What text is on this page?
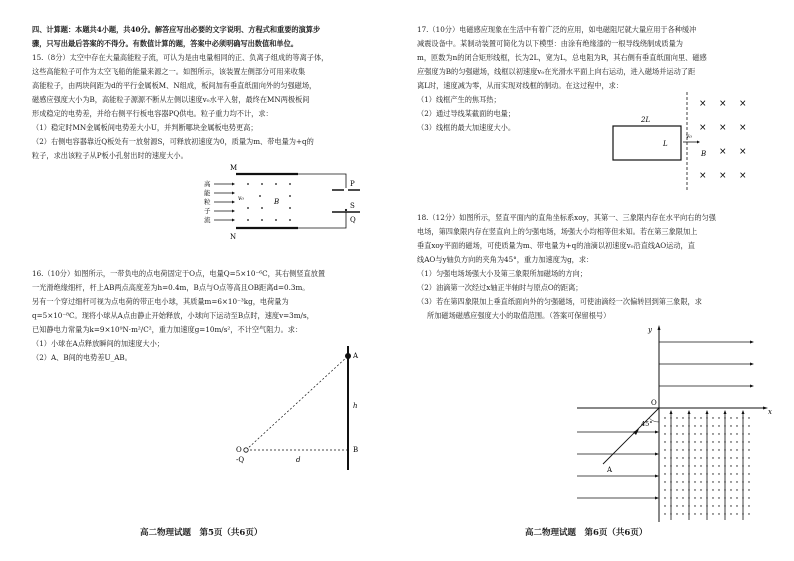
四、计算题：本题共4小题，共40分。解答应写出必要的文字说明、方程式和重要的演算步
骤，只写出最后答案的不得分。有数值计算的题，答案中必须明确写出数值和单位。
15.（8分）太空中存在大量高能粒子流，可认为是由电量相同的正、负离子组成的等离子体，
这些高能粒子可作为太空飞船的能量来源之一。如图所示，该装置左侧部分可用来收集
高能粒子，由两块间距为d的平行金属板M、N组成，板间加有垂直纸面向外的匀强磁场，
磁感应强度大小为B，高能粒子源源不断从左侧以速度v₀水平入射，最终在MN两极板间
形成稳定的电势差，并给右侧平行板电容器PQ供电。粒子重力均不计，求：
（1）稳定时MN金属板间电势差大小U，并判断哪块金属板电势更高；
（2）右侧电容器靠近Q板处有一放射源S，可释放初速度为0，质量为m、带电量为+q的
粒子，求出该粒子从P板小孔射出时的速度大小。
M
N
高
能
粒
子
流
v₀	B
P
S
Q
16.（10分）如图所示，一带负电的点电荷固定于O点，电量Q=5×10⁻⁶C，其右侧竖直放置
一光滑绝缘细杆，杆上AB两点高度差为h=0.4m，B点与O点等高且OB距离d=0.3m。
另有一个穿过细杆可视为点电荷的带正电小球，其质量m=6×10⁻³kg，电荷量为
q=5×10⁻⁸C。现将小球从A点由静止开始释放，小球向下运动至B点时，速度v=3m/s，
已知静电力常量为k=9×10⁹N·m²/C²，重力加速度g=10m/s²，不计空气阻力。求：
（1）小球在A点释放瞬间的加速度大小；
（2）A、B间的电势差U_AB。	A
B
O
-Q
h
d
高二物理试题　第5页（共6页）
17.（10分）电磁感应现象在生活中有着广泛的应用，如电磁阻尼就大量应用于各种缓冲
减震设备中。某制动装置可简化为以下模型：由涂有绝缘漆的一根导线绕制成质量为
m，匝数为n的闭合矩形线框，长为2L，宽为L，总电阻为R，其右侧有垂直纸面向里、磁感
应强度为B的匀强磁场，线框以初速度v₀在光滑水平面上向右运动，进入磁场并运动了距
离L时，速度减为零，从而实现对线框的制动。在这过程中，求：
（1）线框产生的焦耳热；
（2）通过导线某截面的电量；
（3）线框的最大加速度大小。
2L
L
v₀
× × ×
× × ×
× ×
× × ×
B
18.（12分）如图所示，竖直平面内的直角坐标系xoy，其第一、三象限内存在水平向右的匀强
电场，第四象限内存在竖直向上的匀强电场，场强大小均相等但未知。若在第三象限加上
垂直xoy平面的磁场，可使质量为m、带电量为+q的油滴以初速度v₀沿直线AO运动，直
线AO与y轴负方向的夹角为45°，重力加速度为g，求：
（1）匀强电场场强大小及第三象限所加磁场的方向；
（2）油滴第一次经过x轴正半轴时与原点O的距离；
（3）若在第四象限加上垂直纸面向外的匀强磁场，可使油滴经一次偏转回到第三象限，求
所加磁场磁感应强度大小的取值范围。（答案可保留根号）
y
x
O
A
45°
高二物理试题　第6页（共6页）
